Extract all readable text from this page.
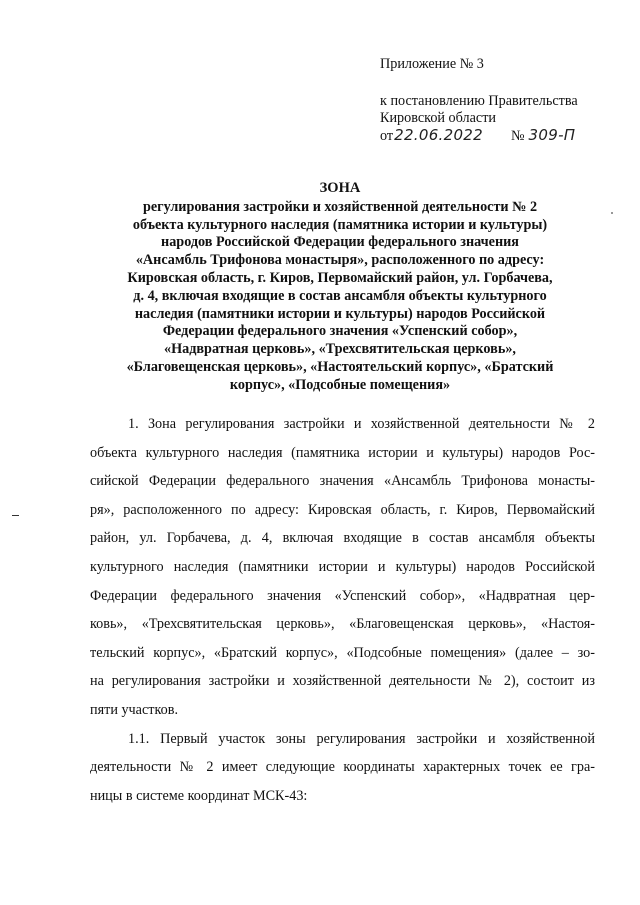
Приложение № 3
к постановлению Правительства
Кировской области
от 22.06.2022 № 309-П
ЗОНА
регулирования застройки и хозяйственной деятельности № 2
объекта культурного наследия (памятника истории и культуры)
народов Российской Федерации федерального значения
«Ансамбль Трифонова монастыря», расположенного по адресу:
Кировская область, г. Киров, Первомайский район, ул. Горбачева,
д. 4, включая входящие в состав ансамбля объекты культурного
наследия (памятники истории и культуры) народов Российской
Федерации федерального значения «Успенский собор»,
«Надвратная церковь», «Трехсвятительская церковь»,
«Благовещенская церковь», «Настоятельский корпус», «Братский
корпус», «Подсобные помещения»
1. Зона регулирования застройки и хозяйственной деятельности № 2
объекта культурного наследия (памятника истории и культуры) народов Рос-
сийской Федерации федерального значения «Ансамбль Трифонова монасты-
ря», расположенного по адресу: Кировская область, г. Киров, Первомайский
район, ул. Горбачева, д. 4, включая входящие в состав ансамбля объекты
культурного наследия (памятники истории и культуры) народов Российской
Федерации федерального значения «Успенский собор», «Надвратная цер-
ковь», «Трехсвятительская церковь», «Благовещенская церковь», «Настоя-
тельский корпус», «Братский корпус», «Подсобные помещения» (далее – зо-
на регулирования застройки и хозяйственной деятельности № 2), состоит из
пяти участков.
1.1. Первый участок зоны регулирования застройки и хозяйственной
деятельности № 2 имеет следующие координаты характерных точек ее гра-
ницы в системе координат МСК-43:
